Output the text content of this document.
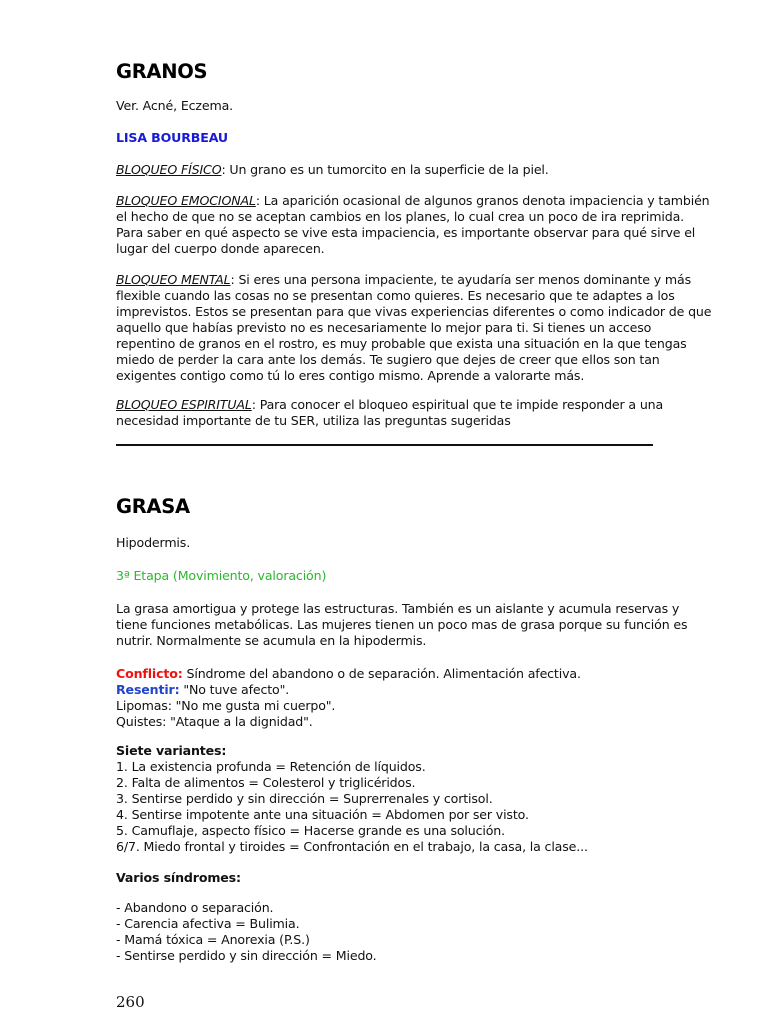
GRANOS

Ver. Acné, Eczema.

LISA BOURBEAU

BLOQUEO FÍSICO: Un grano es un tumorcito en la superficie de la piel.

BLOQUEO EMOCIONAL: La aparición ocasional de algunos granos denota impaciencia y también
el hecho de que no se aceptan cambios en los planes, lo cual crea un poco de ira reprimida.
Para saber en qué aspecto se vive esta impaciencia, es importante observar para qué sirve el
lugar del cuerpo donde aparecen.
BLOQUEO MENTAL: Si eres una persona impaciente, te ayudaría ser menos dominante y más
flexible cuando las cosas no se presentan como quieres. Es necesario que te adaptes a los
imprevistos. Estos se presentan para que vivas experiencias diferentes o como indicador de que
aquello que habías previsto no es necesariamente lo mejor para ti. Si tienes un acceso
repentino de granos en el rostro, es muy probable que exista una situación en la que tengas
miedo de perder la cara ante los demás. Te sugiero que dejes de creer que ellos son tan
exigentes contigo como tú lo eres contigo mismo. Aprende a valorarte más.
BLOQUEO ESPIRITUAL: Para conocer el bloqueo espiritual que te impide responder a una
necesidad importante de tu SER, utiliza las preguntas sugeridas
GRASA

Hipodermis.

3ª Etapa (Movimiento, valoración)

La grasa amortigua y protege las estructuras. También es un aislante y acumula reservas y
tiene funciones metabólicas. Las mujeres tienen un poco mas de grasa porque su función es
nutrir. Normalmente se acumula en la hipodermis.
Conflicto: Síndrome del abandono o de separación. Alimentación afectiva.
Resentir: "No tuve afecto".
Lipomas: "No me gusta mi cuerpo".
Quistes: "Ataque a la dignidad".
Siete variantes:
1. La existencia profunda = Retención de líquidos.
2. Falta de alimentos = Colesterol y triglicéridos.
3. Sentirse perdido y sin dirección = Suprerrenales y cortisol.
4. Sentirse impotente ante una situación = Abdomen por ser visto.
5. Camuflaje, aspecto físico = Hacerse grande es una solución.
6/7. Miedo frontal y tiroides = Confrontación en el trabajo, la casa, la clase...

Varios síndromes:

- Abandono o separación.
- Carencia afectiva = Bulimia.
- Mamá tóxica = Anorexia (P.S.)
- Sentirse perdido y sin dirección = Miedo.
260
